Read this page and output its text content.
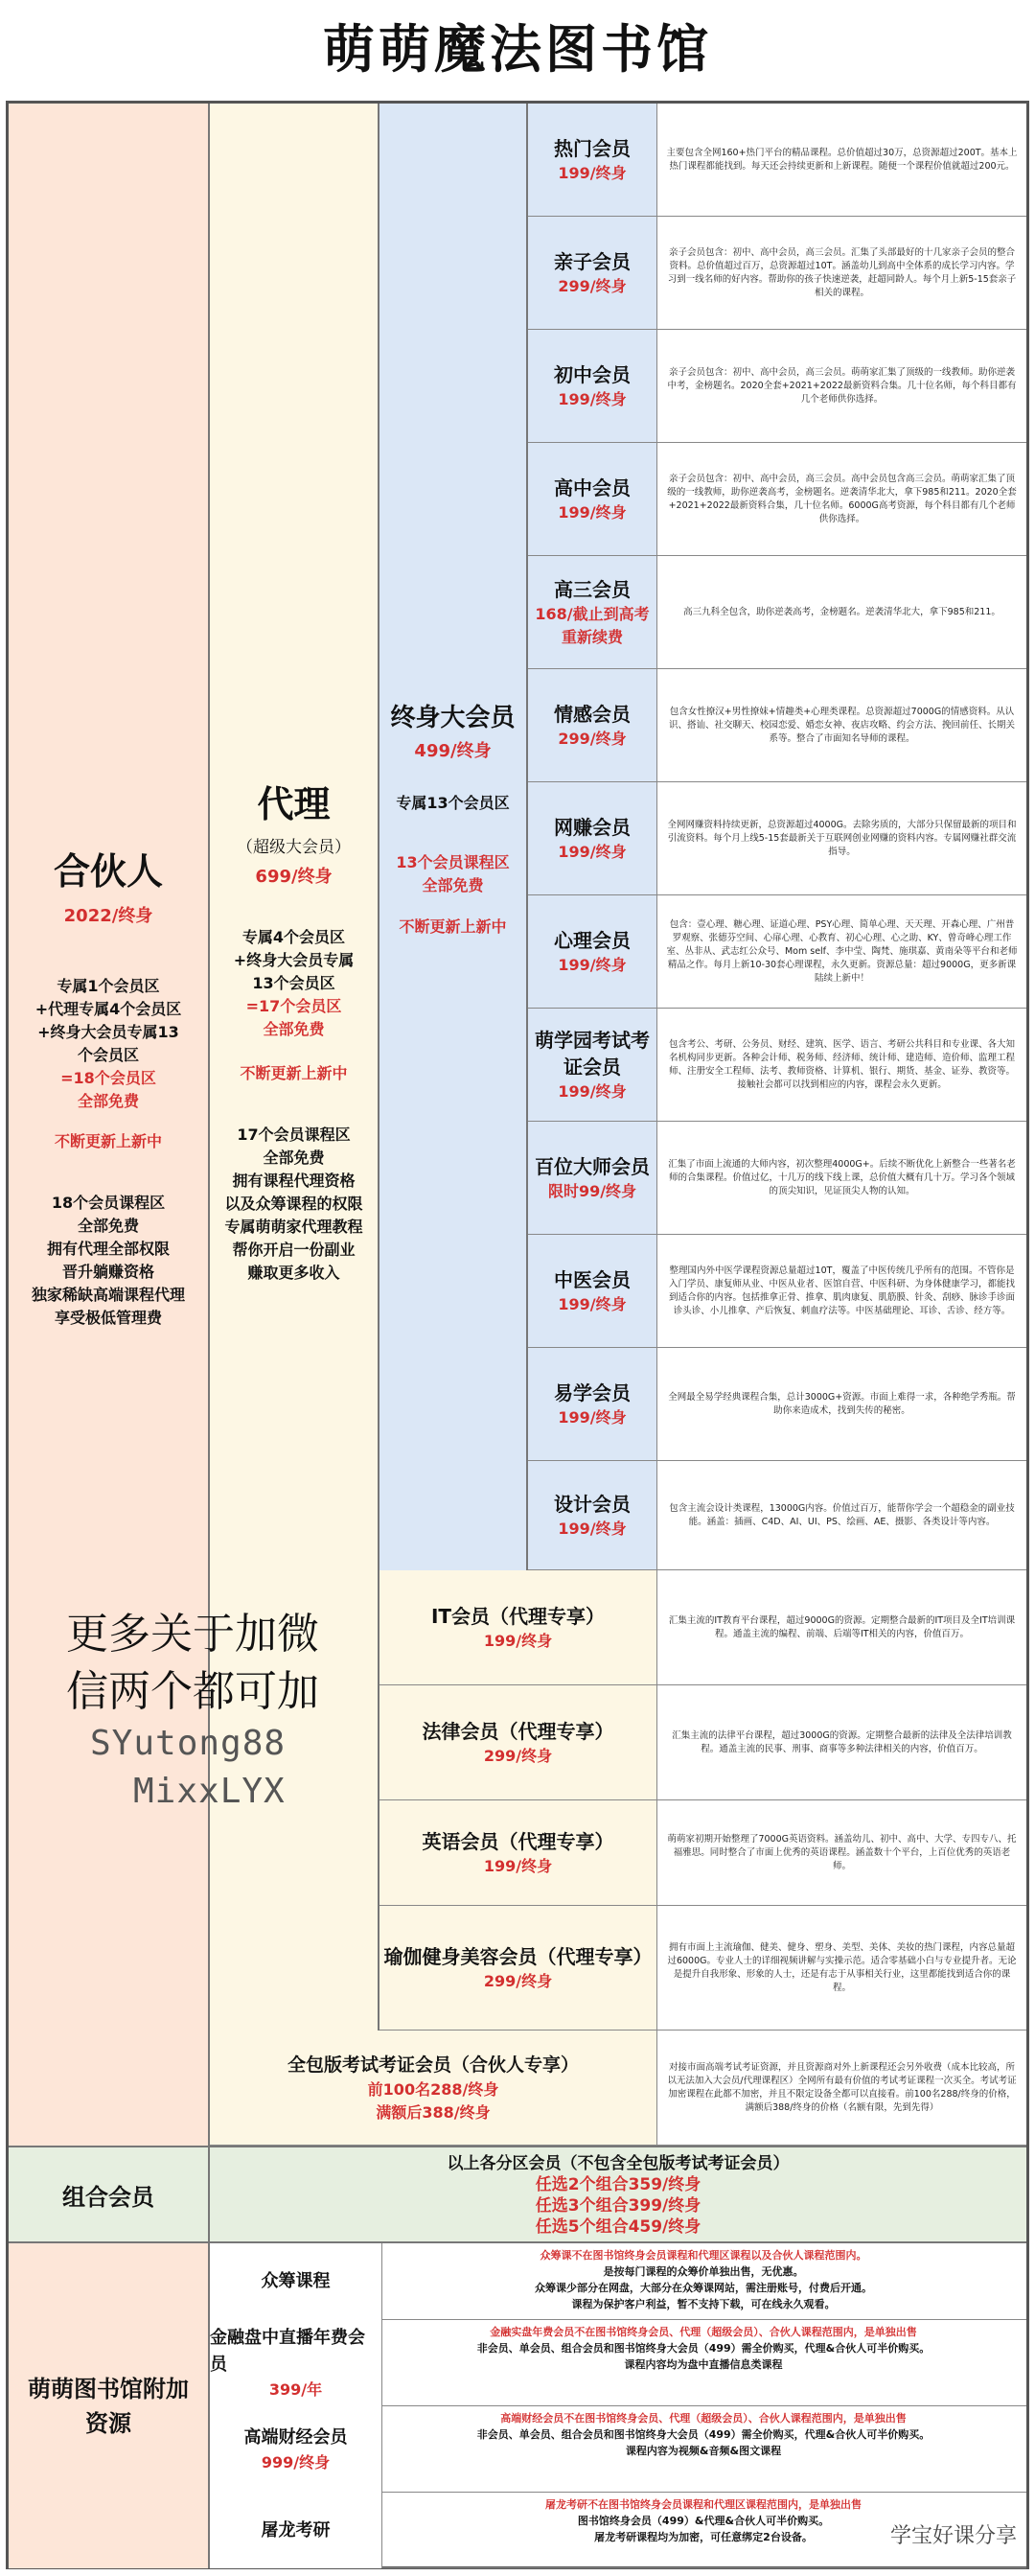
萌萌魔法图书馆
合伙人
2022/终身
专属1个会员区
+代理专属4个会员区
+终身大会员专属13
个会员区
=18个会员区
全部免费
不断更新上新中
18个会员课程区
全部免费
拥有代理全部权限
晋升躺赚资格
独家稀缺高端课程代理
享受极低管理费
代理
（超级大会员）
699/终身
专属4个会员区
+终身大会员专属
13个会员区
=17个会员区
全部免费
不断更新上新中
17个会员课程区
全部免费
拥有课程代理资格
以及众筹课程的权限
专属萌萌家代理教程
帮你开启一份副业
赚取更多收入
终身大会员
499/终身
专属13个会员区
13个会员课程区
全部免费
不断更新上新中
热门会员
199/终身
主要包含全网160+热门平台的精品课程。总价值超过30万，总资源超过200T。基本上热门课程都能找到。每天还会持续更新和上新课程。随便一个课程价值就超过200元。
亲子会员
299/终身
亲子会员包含：初中、高中会员，高三会员。汇集了头部最好的十几家亲子会员的整合资料。总价值超过百万，总资源超过10T。涵盖幼儿到高中全体系的成长学习内容。学习到一线名师的好内容。帮助你的孩子快速逆袭，赶超同龄人。每个月上新5-15套亲子相关的课程。
初中会员
199/终身
亲子会员包含：初中、高中会员，高三会员。萌萌家汇集了顶级的一线教师。助你逆袭中考，金榜题名。2020全套+2021+2022最新资料合集。几十位名师，每个科目都有几个老师供你选择。
高中会员
199/终身
亲子会员包含：初中、高中会员，高三会员。高中会员包含高三会员。萌萌家汇集了顶级的一线教师，助你逆袭高考，金榜题名。逆袭清华北大，拿下985和211。2020全套+2021+2022最新资料合集，几十位名师。6000G高考资源，每个科目都有几个老师供你选择。
高三会员
168/截止到高考
重新续费
高三九科全包含，助你逆袭高考，金榜题名。逆袭清华北大，拿下985和211。
情感会员
299/终身
包含女性撩汉+男性撩妹+情趣类+心理类课程。总资源超过7000G的情感资料。从认识、搭讪、社交聊天、校园恋爱、婚恋女神、夜店攻略、约会方法、挽回前任、长期关系等。整合了市面知名导师的课程。
网赚会员
199/终身
全网网赚资料持续更新，总资源超过4000G。去除劣质的，大部分只保留最新的项目和引流资料。每个月上线5-15套最新关于互联网创业网赚的资料内容。专属网赚社群交流指导。
心理会员
199/终身
包含：壹心理、糖心理、证道心理、PSY心理、简单心理、天天理、开森心理、广州普罗观察、张德芬空间、心扉心理、心教育、初心心理、心之助、KY、曾奇峰心理工作室、丛非从、武志红公众号、Mom self、李中莹、陶梵、施琪嘉、黄南朵等平台和老师精品之作。每月上新10-30套心理课程，永久更新。资源总量：超过9000G，更多新课陆续上新中！
萌学园考试考证会员
199/终身
包含考公、考研、公务员、财经、建筑、医学、语言、考研公共科目和专业课、各大知名机构同步更新。各种会计师、税务师、经济师、统计师、建造师、造价师、监理工程师、注册安全工程师、法考、教师资格、计算机、银行、期货、基金、证券、教资等。接触社会都可以找到相应的内容，课程会永久更新。
百位大师会员
限时99/终身
汇集了市面上流通的大师内容，初次整理4000G+。后续不断优化上新整合一些著名老师的合集课程。价值过亿，十几万的线下线上课，总价值大概有几十万。学习各个领域的顶尖知识，见证顶尖人物的认知。
中医会员
199/终身
整理国内外中医学课程资源总量超过10T，覆盖了中医传统几乎所有的范围。不管你是入门学员、康复师从业、中医从业者、医馆自营、中医科研、为身体健康学习，都能找到适合你的内容。包括推拿正骨、推拿、肌肉康复、肌筋膜、针灸、刮痧、脉诊手诊面诊头诊、小儿推拿、产后恢复、刺血疗法等。中医基础理论、耳诊、舌诊、经方等。
易学会员
199/终身
全网最全易学经典课程合集，总计3000G+资源。市面上难得一求，各种绝学秀瓶。帮助你来造成术，找到失传的秘密。
设计会员
199/终身
包含主流会设计类课程，13000G内容。价值过百万，能帮你学会一个超稳金的副业技能。涵盖：插画、C4D、AI、UI、PS、绘画、AE、摄影、各类设计等内容。
IT会员（代理专享）
199/终身
汇集主流的IT教育平台课程，超过9000G的资源。定期整合最新的IT项目及全IT培训课程。通盖主流的编程、前端、后端等IT相关的内容，价值百万。
法律会员（代理专享）
299/终身
汇集主流的法律平台课程，超过3000G的资源。定期整合最新的法律及全法律培训教程。通盖主流的民事、刑事、商事等多种法律相关的内容，价值百万。
英语会员（代理专享）
199/终身
萌萌家初期开始整理了7000G英语资料。涵盖幼儿、初中、高中、大学、专四专八、托福雅思。同时整合了市面上优秀的英语课程。涵盖数十个平台，上百位优秀的英语老师。
瑜伽健身美容会员（代理专享）
299/终身
拥有市面上主流瑜伽、健美、健身、塑身、美型、美体、美妆的热门课程，内容总量超过6000G。专业人士的详细视频讲解与实操示范。适合零基础小白与专业提升者。无论是提升自我形象、形象的人士，还是有志于从事相关行业，这里都能找到适合你的课程。
全包版考试考证会员（合伙人专享）
前100名288/终身
满额后388/终身
对接市面高端考试考证资源，并且资源商对外上新课程还会另外收费（成本比较高，所以无法加入大会员/代理课程区）全网所有最有价值的考试考证课程一次买全。考试考证加密课程在此都不加密，并且不限定设备全都可以直接看。前100名288/终身的价格，满额后388/终身的价格（名额有限，先到先得）
更多关于加微
信两个都可加
SYutong88
MixxLYX
组合会员
以上各分区会员（不包含全包版考试考证会员）
任选2个组合359/终身
任选3个组合399/终身
任选5个组合459/终身
萌萌图书馆附加资源
众筹课程
众筹课不在图书馆终身会员课程和代理区课程以及合伙人课程范围内。
是按每门课程的众筹价单独出售，无优惠。
众筹课少部分在网盘，大部分在众筹课网站，需注册账号，付费后开通。
课程为保护客户利益，暂不支持下载，可在线永久观看。
金融盘中直播年费会员
399/年
金融实盘年费会员不在图书馆终身会员、代理（超级会员）、合伙人课程范围内，是单独出售
非会员、单会员、组合会员和图书馆终身大会员（499）需全价购买，代理&合伙人可半价购买。
课程内容均为盘中直播信息类课程
高端财经会员
999/终身
高端财经会员不在图书馆终身会员、代理（超级会员）、合伙人课程范围内，是单独出售
非会员、单会员、组合会员和图书馆终身大会员（499）需全价购买，代理&合伙人可半价购买。
课程内容为视频&音频&图文课程
屠龙考研
屠龙考研不在图书馆终身会员课程和代理区课程范围内，是单独出售
图书馆终身会员（499）&代理&合伙人可半价购买。
屠龙考研课程均为加密，可任意绑定2台设备。	学宝好课分享
